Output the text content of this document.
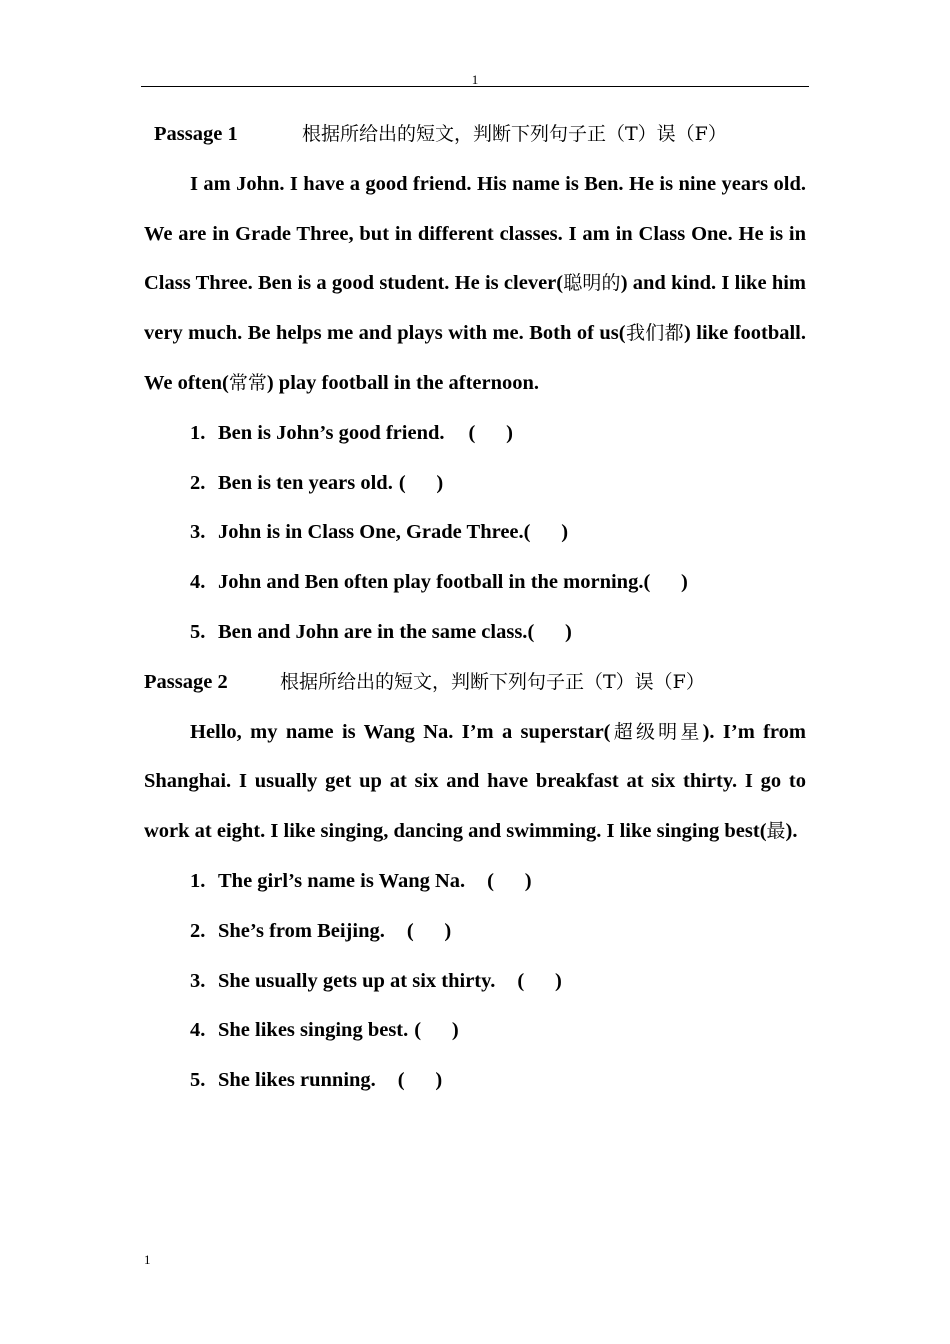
1
Passage 1	根据所给出的短文，判断下列句子正（T）误（F）

I am John. I have a good friend. His name is Ben. He is nine years old. We are in Grade Three, but in different classes. I am in Class One. He is in Class Three. Ben is a good student. He is clever(聪明的) and kind. I like him very much. Be helps me and plays with me. Both of us(我们都) like football. We often(常常) play football in the afternoon.

1. Ben is John’s good friend. (      )
2. Ben is ten years old. (      )
3. John is in Class One, Grade Three.(      )
4. John and Ben often play football in the morning.(      )
5. Ben and John are in the same class.(      )
Passage 2	根据所给出的短文，判断下列句子正（T）误（F）

Hello, my name is Wang Na. I’m a superstar(超级明星). I’m from Shanghai. I usually get up at six and have breakfast at six thirty. I go to work at eight. I like singing, dancing and swimming. I like singing best(最).

1. The girl’s name is Wang Na. (      )
2. She’s from Beijing. (      )
3. She usually gets up at six thirty. (      )
4. She likes singing best. (      )
5. She likes running. (      )
1
